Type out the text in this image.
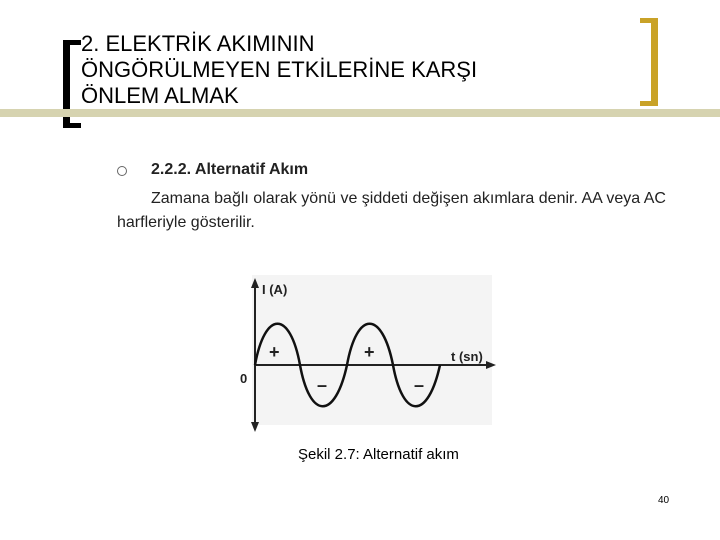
2. ELEKTRİK AKIMININ
ÖNGÖRÜLMEYEN ETKİLERİNE KARŞI
ÖNLEM ALMAK
2.2.2. Alternatif Akım
Zamana bağlı olarak yönü ve şiddeti değişen akımlara denir. AA veya AC harfleriyle gösterilir.
I (A)
t (sn)
0
+	+
–	–
Şekil 2.7: Alternatif akım
40
